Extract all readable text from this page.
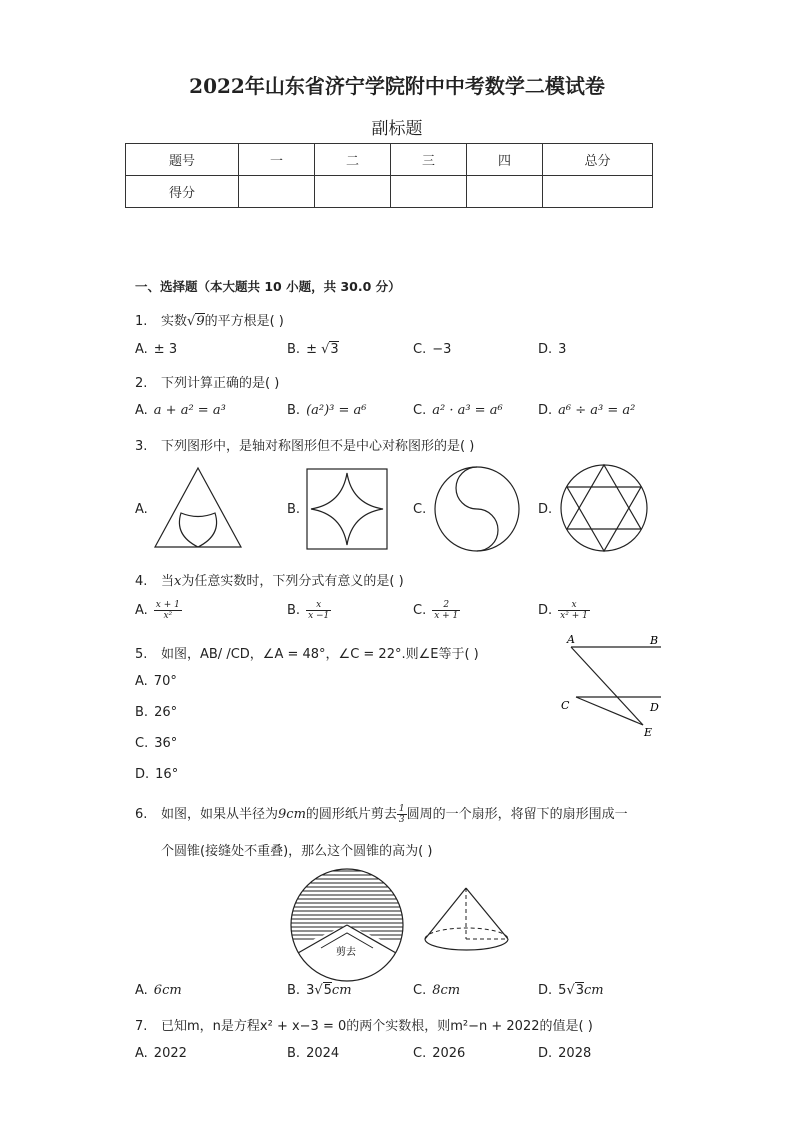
2022年山东省济宁学院附中中考数学二模试卷
副标题
题号	一	二	三	四	总分
得分					
一、选择题（本大题共 10 小题，共 30.0 分）
1. 实数√9的平方根是( )
A. ± 3	B. ± √3	C. −3	D. 3
2. 下列计算正确的是( )
A. a + a² = a³	B. (a²)³ = a⁶	C. a² · a³ = a⁶	D. a⁶ ÷ a³ = a²
3. 下列图形中，是轴对称图形但不是中心对称图形的是( )
A.	B.	C.	D.
4. 当x为任意实数时，下列分式有意义的是( )
A. $\frac{x + 1}{\text{x²}}$	B. $\frac{x}{x -1}$	C. $\frac{2}{x + 1}$	D. $\frac{x}{\text{x² + 1}}$
5. 如图，AB/ /CD，∠A = 48°，∠C = 22°.则∠E等于( )
A. 70°
B. 26°
C. 36°
D. 16°
A	B
C	D
E
6. 如图，如果从半径为9cm的圆形纸片剪去 $\frac{1}{3}$ 圆周的一个扇形，将留下的扇形围成一
个圆锥(接缝处不重叠)，那么这个圆锥的高为( )
剪去
A. 6cm	B. 3√5cm	C. 8cm	D. 5√3cm
7. 已知m，n是方程x² + x−3 = 0的两个实数根，则m²−n + 2022的值是( )
A. 2022	B. 2024	C. 2026	D. 2028
